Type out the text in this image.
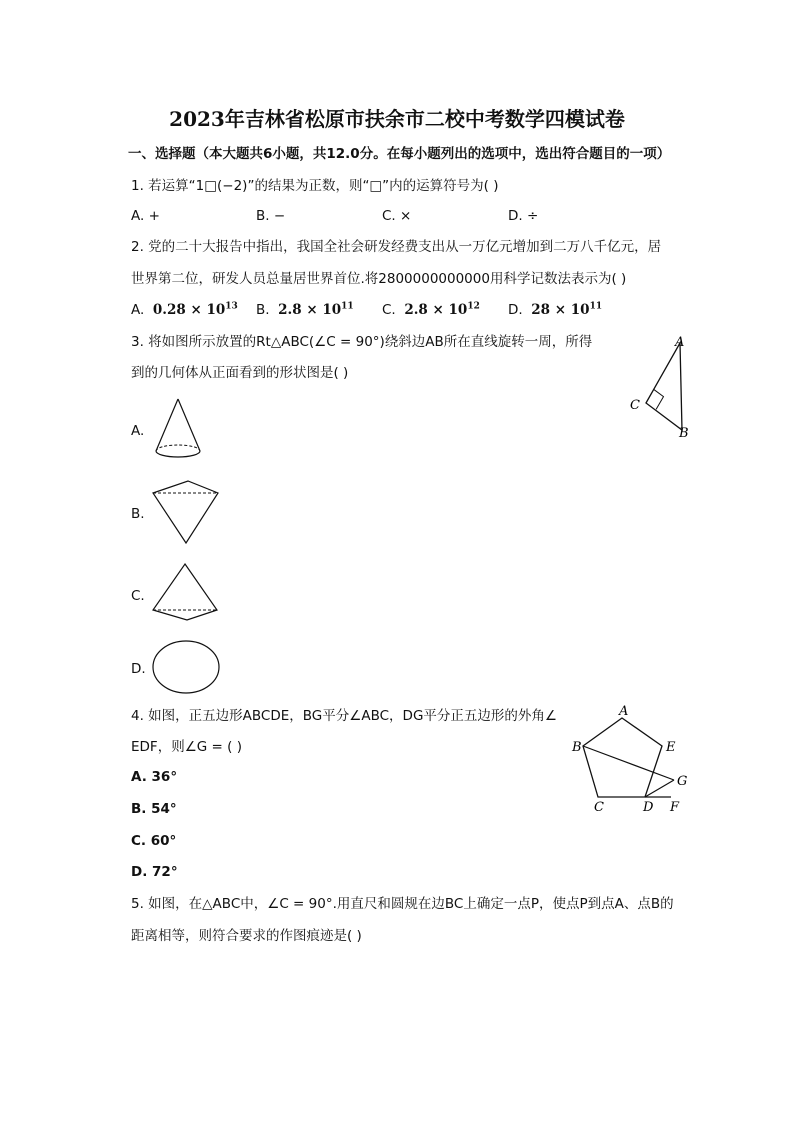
2023年吉林省松原市扶余市二校中考数学四模试卷
一、选择题（本大题共6小题，共12.0分。在每小题列出的选项中，选出符合题目的一项）
1. 若运算“1□(−2)”的结果为正数，则“□”内的运算符号为( )
A. +	B. −	C. ×	D. ÷
2. 党的二十大报告中指出，我国全社会研发经费支出从一万亿元增加到二万八千亿元，居
世界第二位，研发人员总量居世界首位.将2800000000000用科学记数法表示为( )
A. $0.28 \times 10^{13}$ B. $2.8 \times 10^{11}$ C. $2.8 \times 10^{12}$ D. $28 \times 10^{11}$
3. 将如图所示放置的Rt△ABC(∠C = 90°)绕斜边AB所在直线旋转一周，所得
到的几何体从正面看到的形状图是( )
A
C
B
A.
B.
C.
D.
4. 如图，正五边形ABCDE，BG平分∠ABC，DG平分正五边形的外角∠
EDF，则∠G = ( )
A. 36°
B. 54°
C. 60°
D. 72°
A
B	E
G
C	D F
5. 如图，在△ABC中，∠C = 90°.用直尺和圆规在边BC上确定一点P，使点P到点A、点B的
距离相等，则符合要求的作图痕迹是( )
